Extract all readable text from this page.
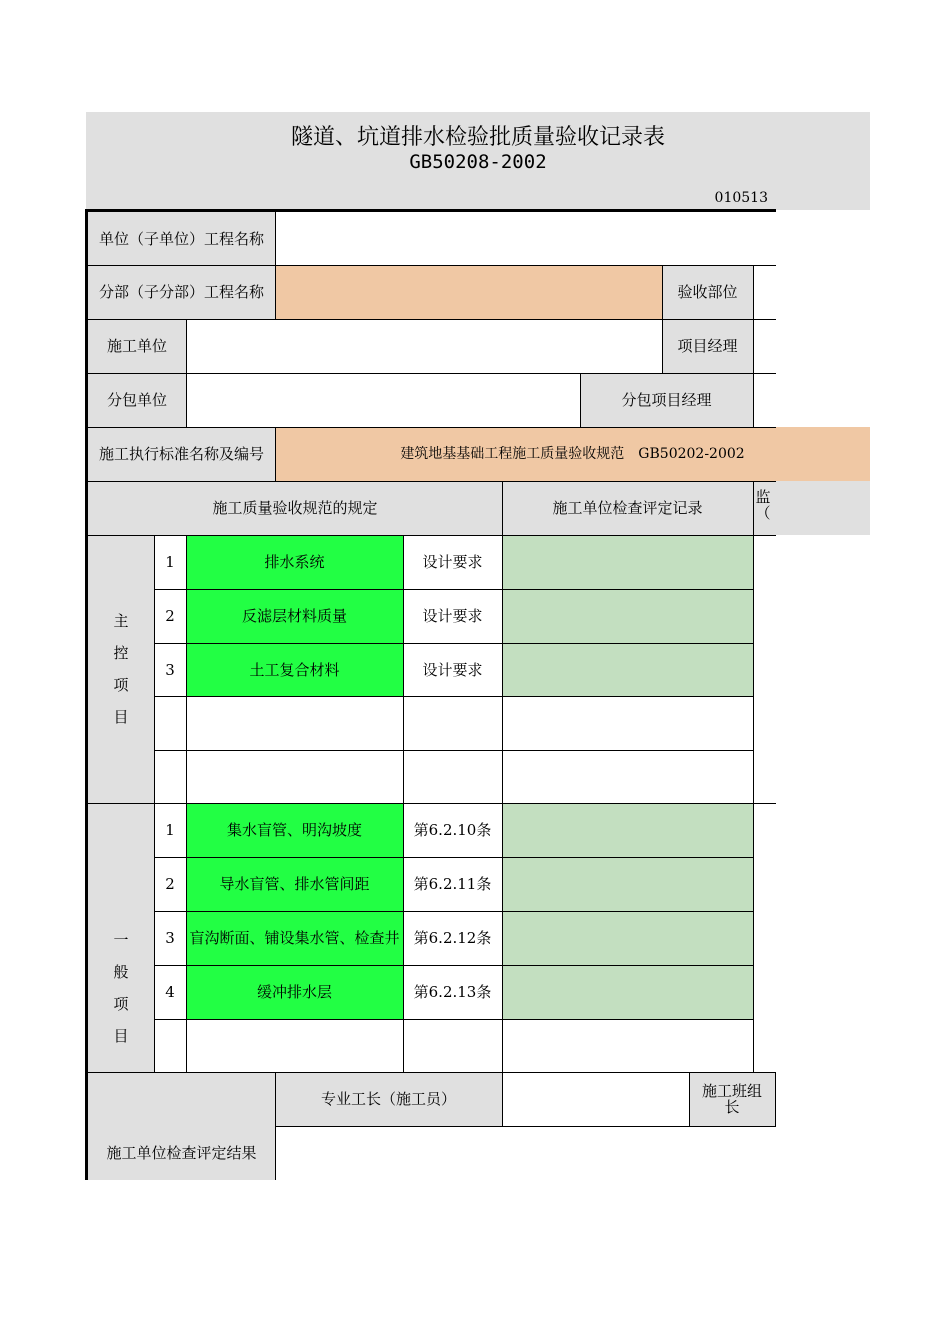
隧道、坑道排水检验批质量验收记录表
GB50208-2002
010513
单位（子单位）工程名称
分部（子分部）工程名称	验收部位
施工单位	项目经理
分包单位	分包项目经理
施工执行标准名称及编号	建筑地基基础工程施工质量验收规范　GB50202-2002
施工质量验收规范的规定	施工单位检查评定记录
监
（
主
控
项
目
1	排水系统	设计要求
2	反滤层材料质量	设计要求
3	土工复合材料	设计要求
一
般
项
目
1	集水盲管、明沟坡度	第6.2.10条
2	导水盲管、排水管间距	第6.2.11条
3 盲沟断面、铺设集水管、检查井 第6.2.12条
4	缓冲排水层	第6.2.13条
施工单位检查评定结果
专业工长（施工员）	施工班组长
